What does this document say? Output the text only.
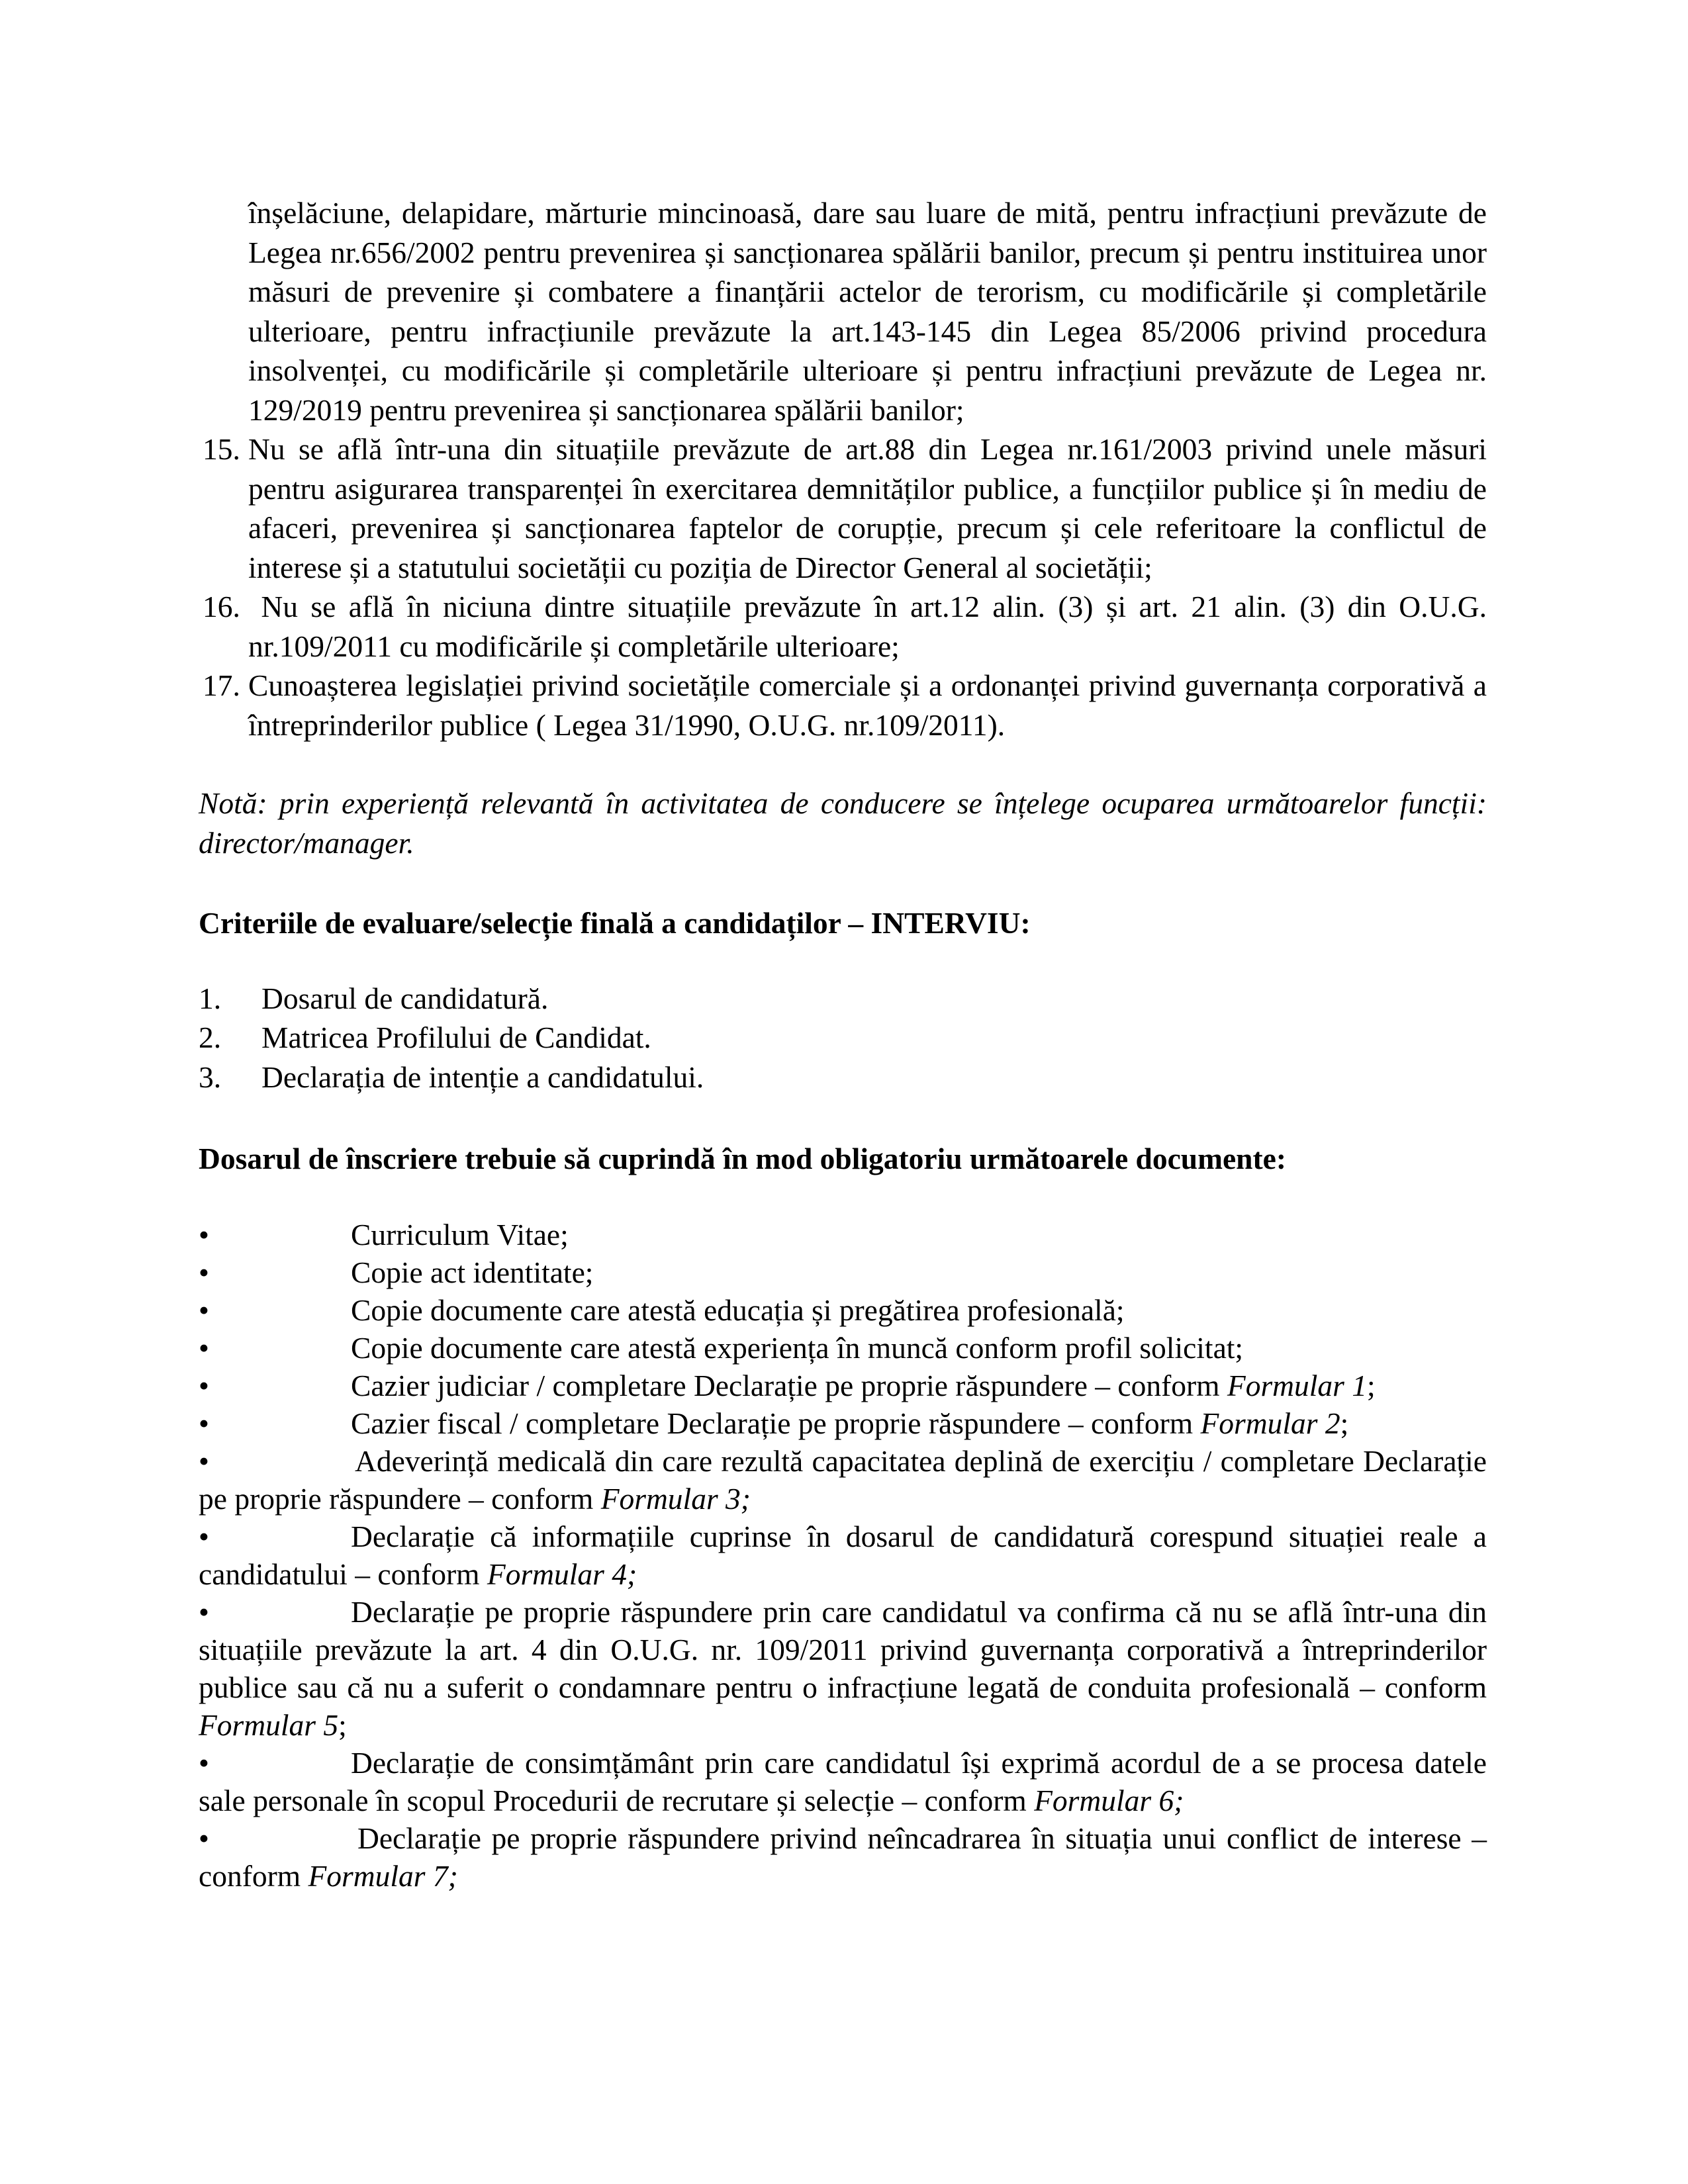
înșelăciune, delapidare, mărturie mincinoasă, dare sau luare de mită, pentru infracțiuni prevăzute de Legea nr.656/2002 pentru prevenirea și sancționarea spălării banilor, precum și pentru instituirea unor măsuri de prevenire și combatere a finanțării actelor de terorism, cu modificările și completările ulterioare, pentru infracțiunile prevăzute la art.143-145 din Legea 85/2006 privind procedura insolvenței, cu modificările și completările ulterioare și pentru infracțiuni prevăzute de Legea nr. 129/2019 pentru prevenirea și sancționarea spălării banilor;
15. Nu se află într-una din situațiile prevăzute de art.88 din Legea nr.161/2003 privind unele măsuri pentru asigurarea transparenței în exercitarea demnităților publice, a funcțiilor publice și în mediu de afaceri, prevenirea și sancționarea faptelor de corupție, precum și cele referitoare la conflictul de interese și a statutului societății cu poziția de Director General al societății;
16. Nu se află în niciuna dintre situațiile prevăzute în art.12 alin. (3) și art. 21 alin. (3) din O.U.G. nr.109/2011 cu modificările și completările ulterioare;
17. Cunoașterea legislației privind societățile comerciale și a ordonanței privind guvernanța corporativă a întreprinderilor publice ( Legea 31/1990, O.U.G. nr.109/2011).
Notă: prin experiență relevantă în activitatea de conducere se înțelege ocuparea următoarelor funcții: director/manager.
Criteriile de evaluare/selecție finală a candidaților – INTERVIU:
1. Dosarul de candidatură.
2. Matricea Profilului de Candidat.
3. Declarația de intenție a candidatului.
Dosarul de înscriere trebuie să cuprindă în mod obligatoriu următoarele documente:
•	Curriculum Vitae;
•	Copie act identitate;
•	Copie documente care atestă educația și pregătirea profesională;
•	Copie documente care atestă experiența în muncă conform profil solicitat;
•	Cazier judiciar / completare Declarație pe proprie răspundere – conform Formular 1;
•	Cazier fiscal / completare Declarație pe proprie răspundere – conform Formular 2;
•	Adeverință medicală din care rezultă capacitatea deplină de exercițiu / completare Declarație pe proprie răspundere – conform Formular 3;
•	Declarație că informațiile cuprinse în dosarul de candidatură corespund situației reale a candidatului – conform Formular 4;
•	Declarație pe proprie răspundere prin care candidatul va confirma că nu se află într-una din situațiile prevăzute la art. 4 din O.U.G. nr. 109/2011 privind guvernanța corporativă a întreprinderilor publice sau că nu a suferit o condamnare pentru o infracțiune legată de conduita profesională – conform Formular 5;
•	Declarație de consimțământ prin care candidatul își exprimă acordul de a se procesa datele sale personale în scopul Procedurii de recrutare și selecție – conform Formular 6;
•	Declarație pe proprie răspundere privind neîncadrarea în situația unui conflict de interese – conform Formular 7;
